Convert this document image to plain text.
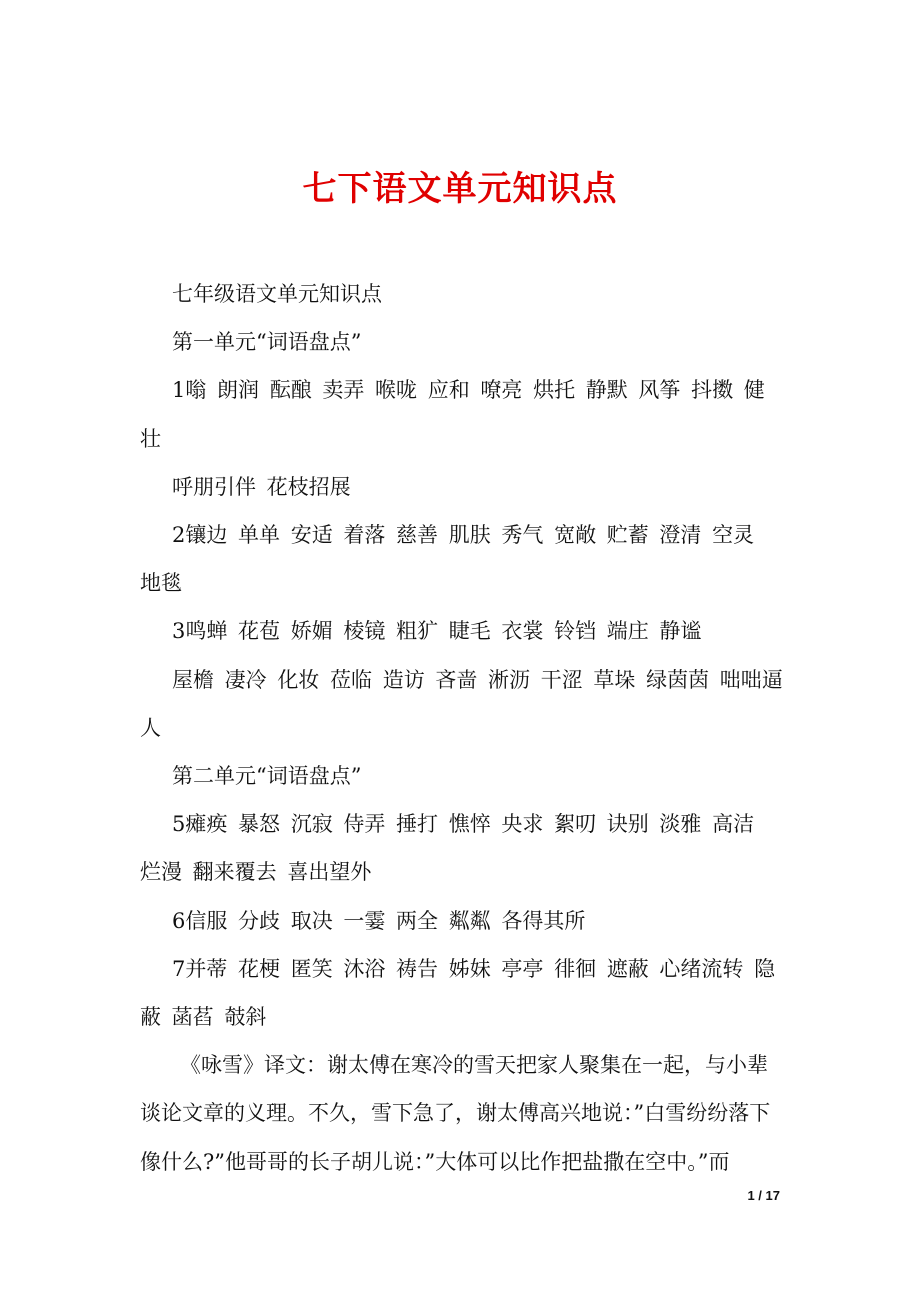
七下语文单元知识点

七年级语文单元知识点

第一单元“词语盘点”

1嗡 朗润 酝酿 卖弄 喉咙 应和 嘹亮 烘托 静默 风筝 抖擞 健壮

呼朋引伴 花枝招展

2镶边 单单 安适 着落 慈善 肌肤 秀气 宽敞 贮蓄 澄清 空灵 地毯

3鸣蝉 花苞 娇媚 棱镜 粗犷 睫毛 衣裳 铃铛 端庄 静谧

屋檐 凄冷 化妆 莅临 造访 吝啬 淅沥 干涩 草垛 绿茵茵 咄咄逼人

第二单元“词语盘点”

5瘫痪 暴怒 沉寂 侍弄 捶打 憔悴 央求 絮叨 诀别 淡雅 高洁 烂漫 翻来覆去 喜出望外

6信服 分歧 取决 一霎 两全 粼粼 各得其所

7并蒂 花梗 匿笑 沐浴 祷告 姊妹 亭亭 徘徊 遮蔽 心绪流转 隐蔽 菡萏 攲斜

《咏雪》译文：谢太傅在寒冷的雪天把家人聚集在一起，与小辈谈论文章的义理。不久，雪下急了，谢太傅高兴地说：”白雪纷纷落下像什么?”他哥哥的长子胡儿说：”大体可以比作把盐撒在空中。”而

1 / 17
